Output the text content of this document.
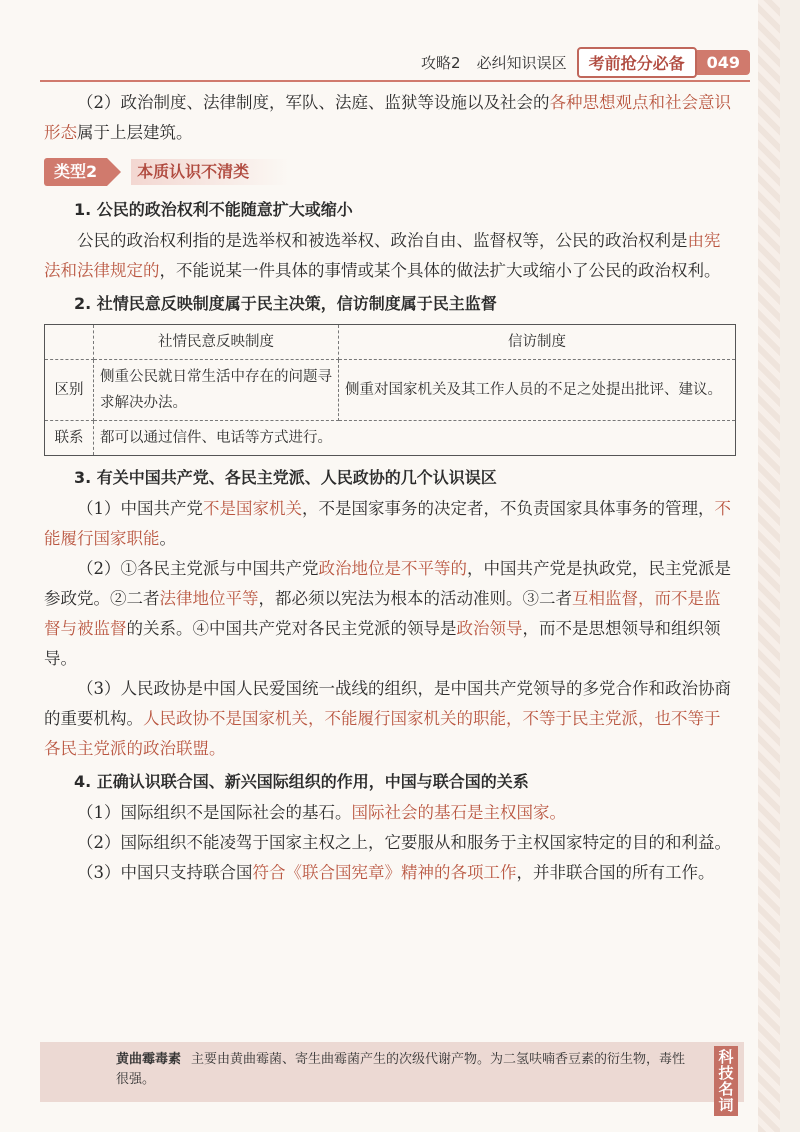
攻略2 必纠知识误区	考前抢分必备	049

（2）政治制度、法律制度，军队、法庭、监狱等设施以及社会的各种思想观点和社会意识形态属于上层建筑。

类型2	本质认识不清类
1. 公民的政治权利不能随意扩大或缩小

公民的政治权利指的是选举权和被选举权、政治自由、监督权等，公民的政治权利是由宪法和法律规定的，不能说某一件具体的事情或某个具体的做法扩大或缩小了公民的政治权利。

2. 社情民意反映制度属于民主决策，信访制度属于民主监督
	社情民意反映制度	信访制度
区别	侧重公民就日常生活中存在的问题寻求解决办法。	侧重对国家机关及其工作人员的不足之处提出批评、建议。
联系	都可以通过信件、电话等方式进行。	
3. 有关中国共产党、各民主党派、人民政协的几个认识误区

（1）中国共产党不是国家机关，不是国家事务的决定者，不负责国家具体事务的管理，不能履行国家职能。

（2）①各民主党派与中国共产党政治地位是不平等的，中国共产党是执政党，民主党派是参政党。②二者法律地位平等，都必须以宪法为根本的活动准则。③二者互相监督，而不是监督与被监督的关系。④中国共产党对各民主党派的领导是政治领导，而不是思想领导和组织领导。

（3）人民政协是中国人民爱国统一战线的组织，是中国共产党领导的多党合作和政治协商的重要机构。人民政协不是国家机关，不能履行国家机关的职能，不等于民主党派，也不等于各民主党派的政治联盟。

4. 正确认识联合国、新兴国际组织的作用，中国与联合国的关系

（1）国际组织不是国际社会的基石。国际社会的基石是主权国家。

（2）国际组织不能凌驾于国家主权之上，它要服从和服务于主权国家特定的目的和利益。

（3）中国只支持联合国符合《联合国宪章》精神的各项工作，并非联合国的所有工作。

黄曲霉毒素 主要由黄曲霉菌、寄生曲霉菌产生的次级代谢产物。为二氢呋喃香豆素的衍生物，毒性很强。
科技名词
